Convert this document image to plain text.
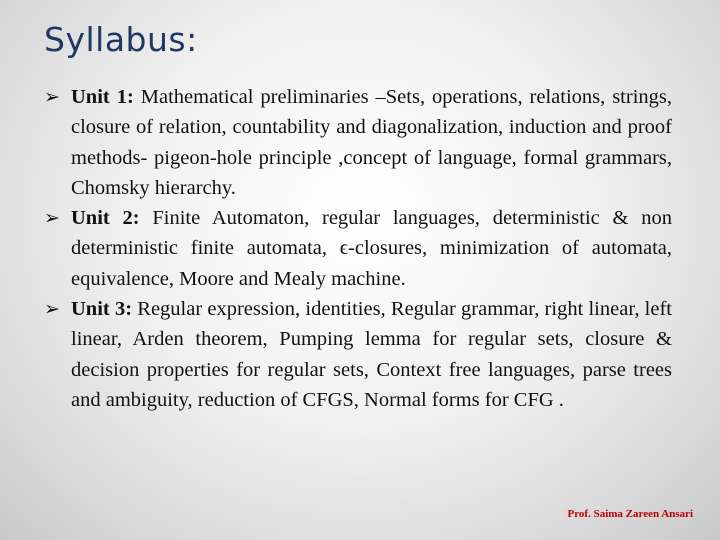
Syllabus:

➢ Unit 1: Mathematical preliminaries –Sets, operations, relations, strings, closure of relation, countability and diagonalization, induction and proof methods- pigeon-hole principle ,concept of language, formal grammars, Chomsky hierarchy.

➢ Unit 2: Finite Automaton, regular languages, deterministic & non deterministic finite automata, ϵ-closures, minimization of automata, equivalence, Moore and Mealy machine.

➢ Unit 3: Regular expression, identities, Regular grammar, right linear, left linear, Arden theorem, Pumping lemma for regular sets, closure & decision properties for regular sets, Context free languages, parse trees and ambiguity, reduction of CFGS, Normal forms for CFG .

Prof. Saima Zareen Ansari
